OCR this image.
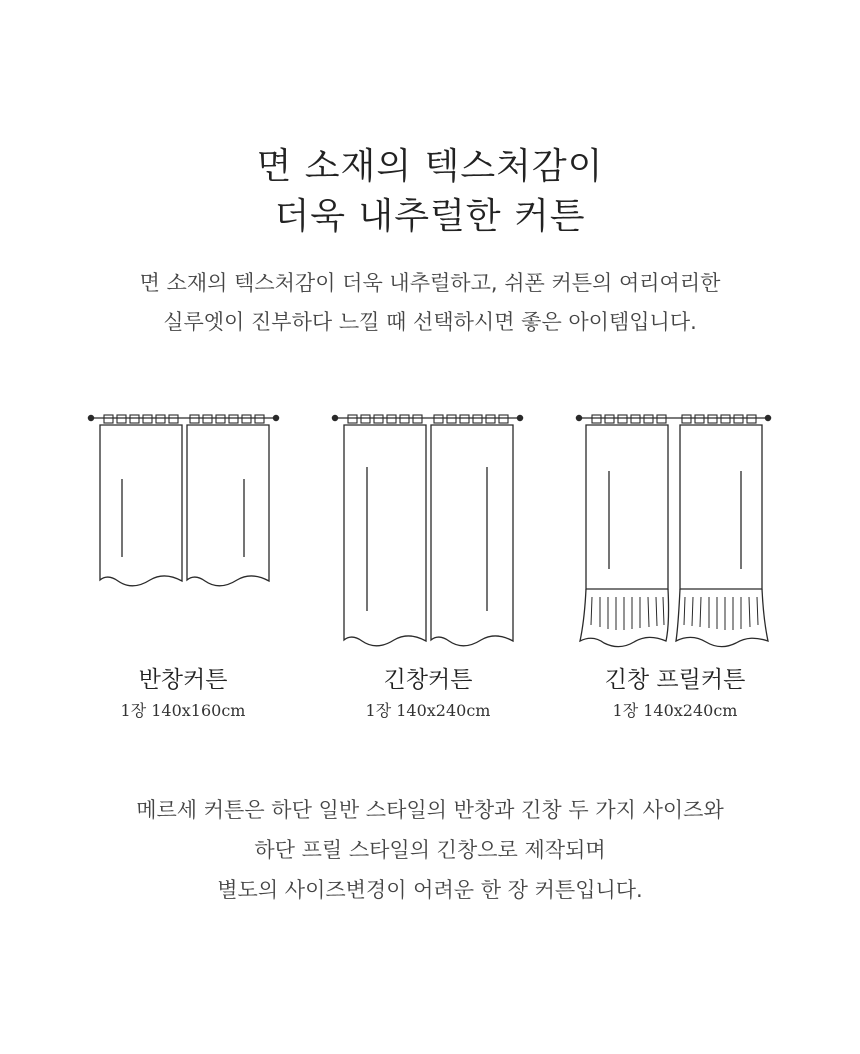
면 소재의 텍스처감이
더욱 내추럴한 커튼
면 소재의 텍스처감이 더욱 내추럴하고, 쉬폰 커튼의 여리여리한
실루엣이 진부하다 느낄 때 선택하시면 좋은 아이템입니다.
반창커튼
1장 140x160cm
긴창커튼
1장 140x240cm
긴창 프릴커튼
1장 140x240cm
메르세 커튼은 하단 일반 스타일의 반창과 긴창 두 가지 사이즈와
하단 프릴 스타일의 긴창으로 제작되며
별도의 사이즈변경이 어려운 한 장 커튼입니다.
